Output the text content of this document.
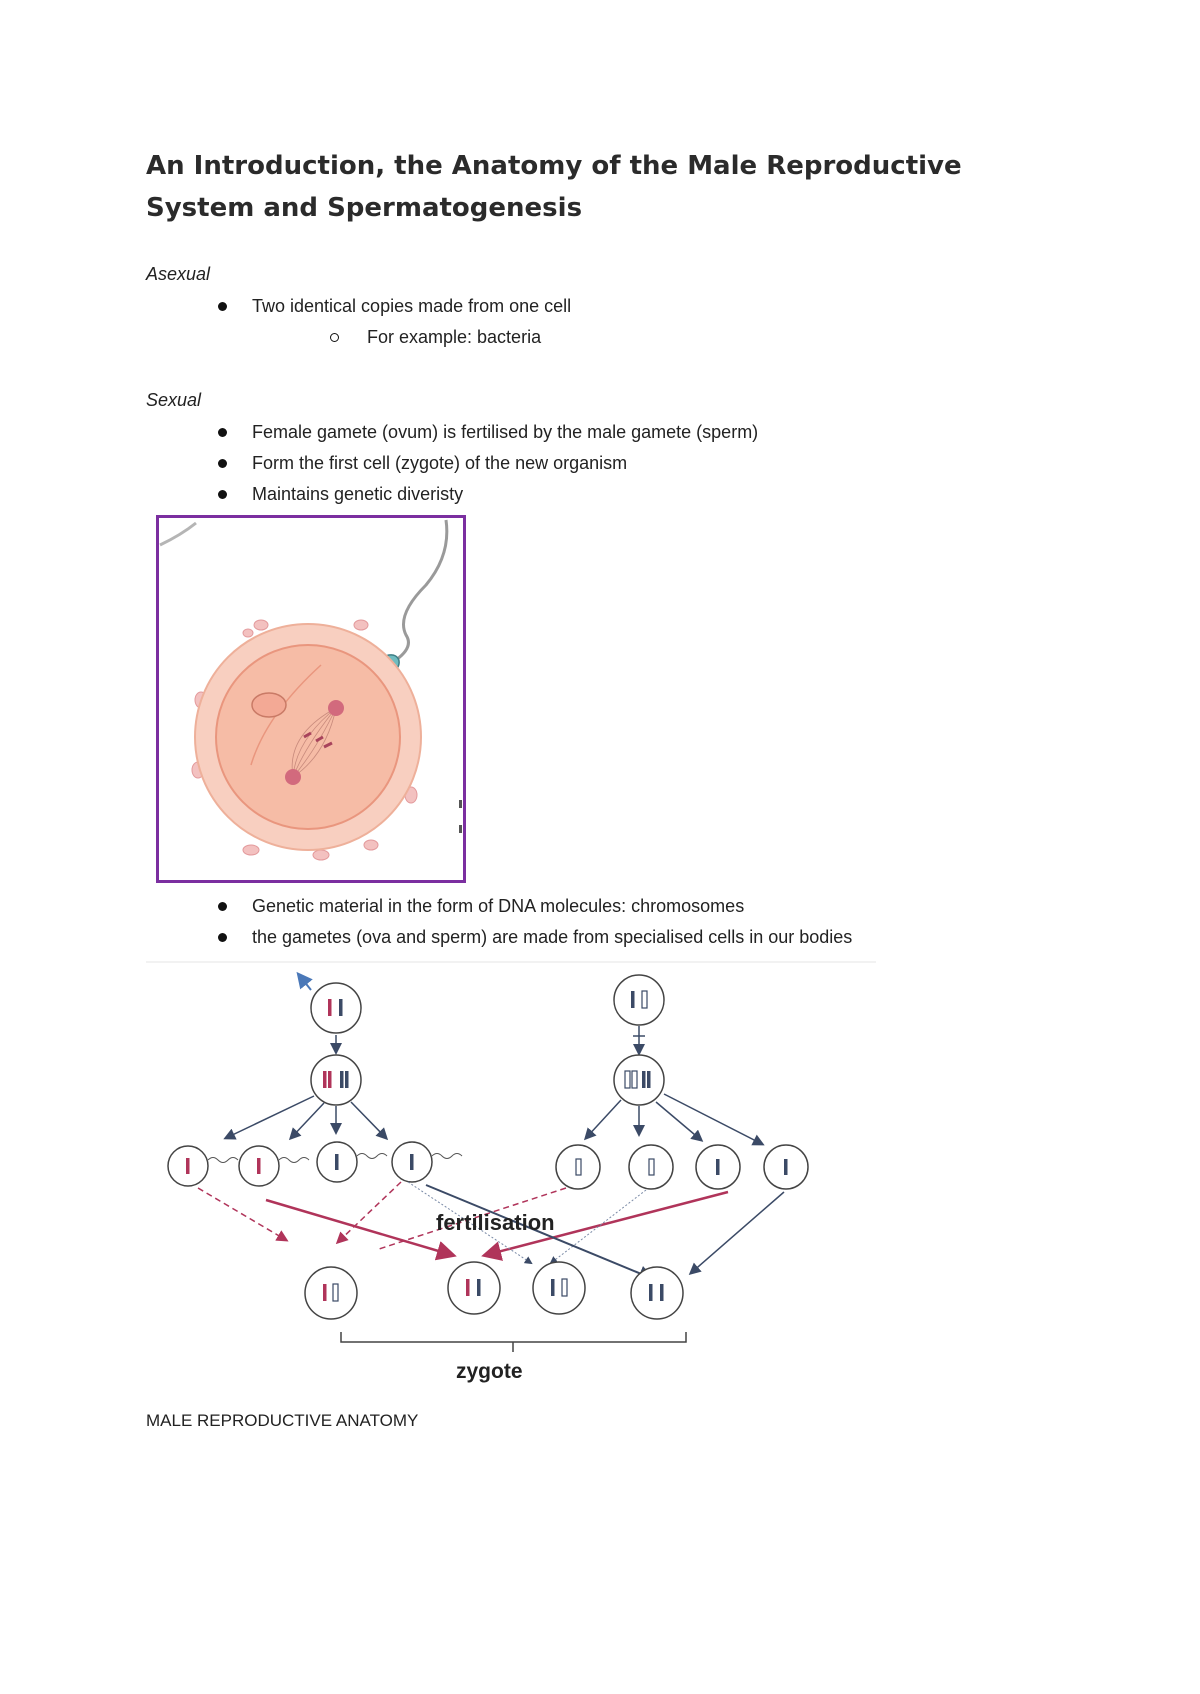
An Introduction, the Anatomy of the Male Reproductive System and Spermatogenesis
Asexual
Two identical copies made from one cell
For example: bacteria
Sexual
Female gamete (ovum) is fertilised by the male gamete (sperm)
Form the first cell (zygote) of the new organism
Maintains genetic diveristy
Genetic material in the form of DNA molecules: chromosomes
the gametes (ova and sperm) are made from specialised cells in our bodies
fertilisation
zygote
MALE REPRODUCTIVE ANATOMY
